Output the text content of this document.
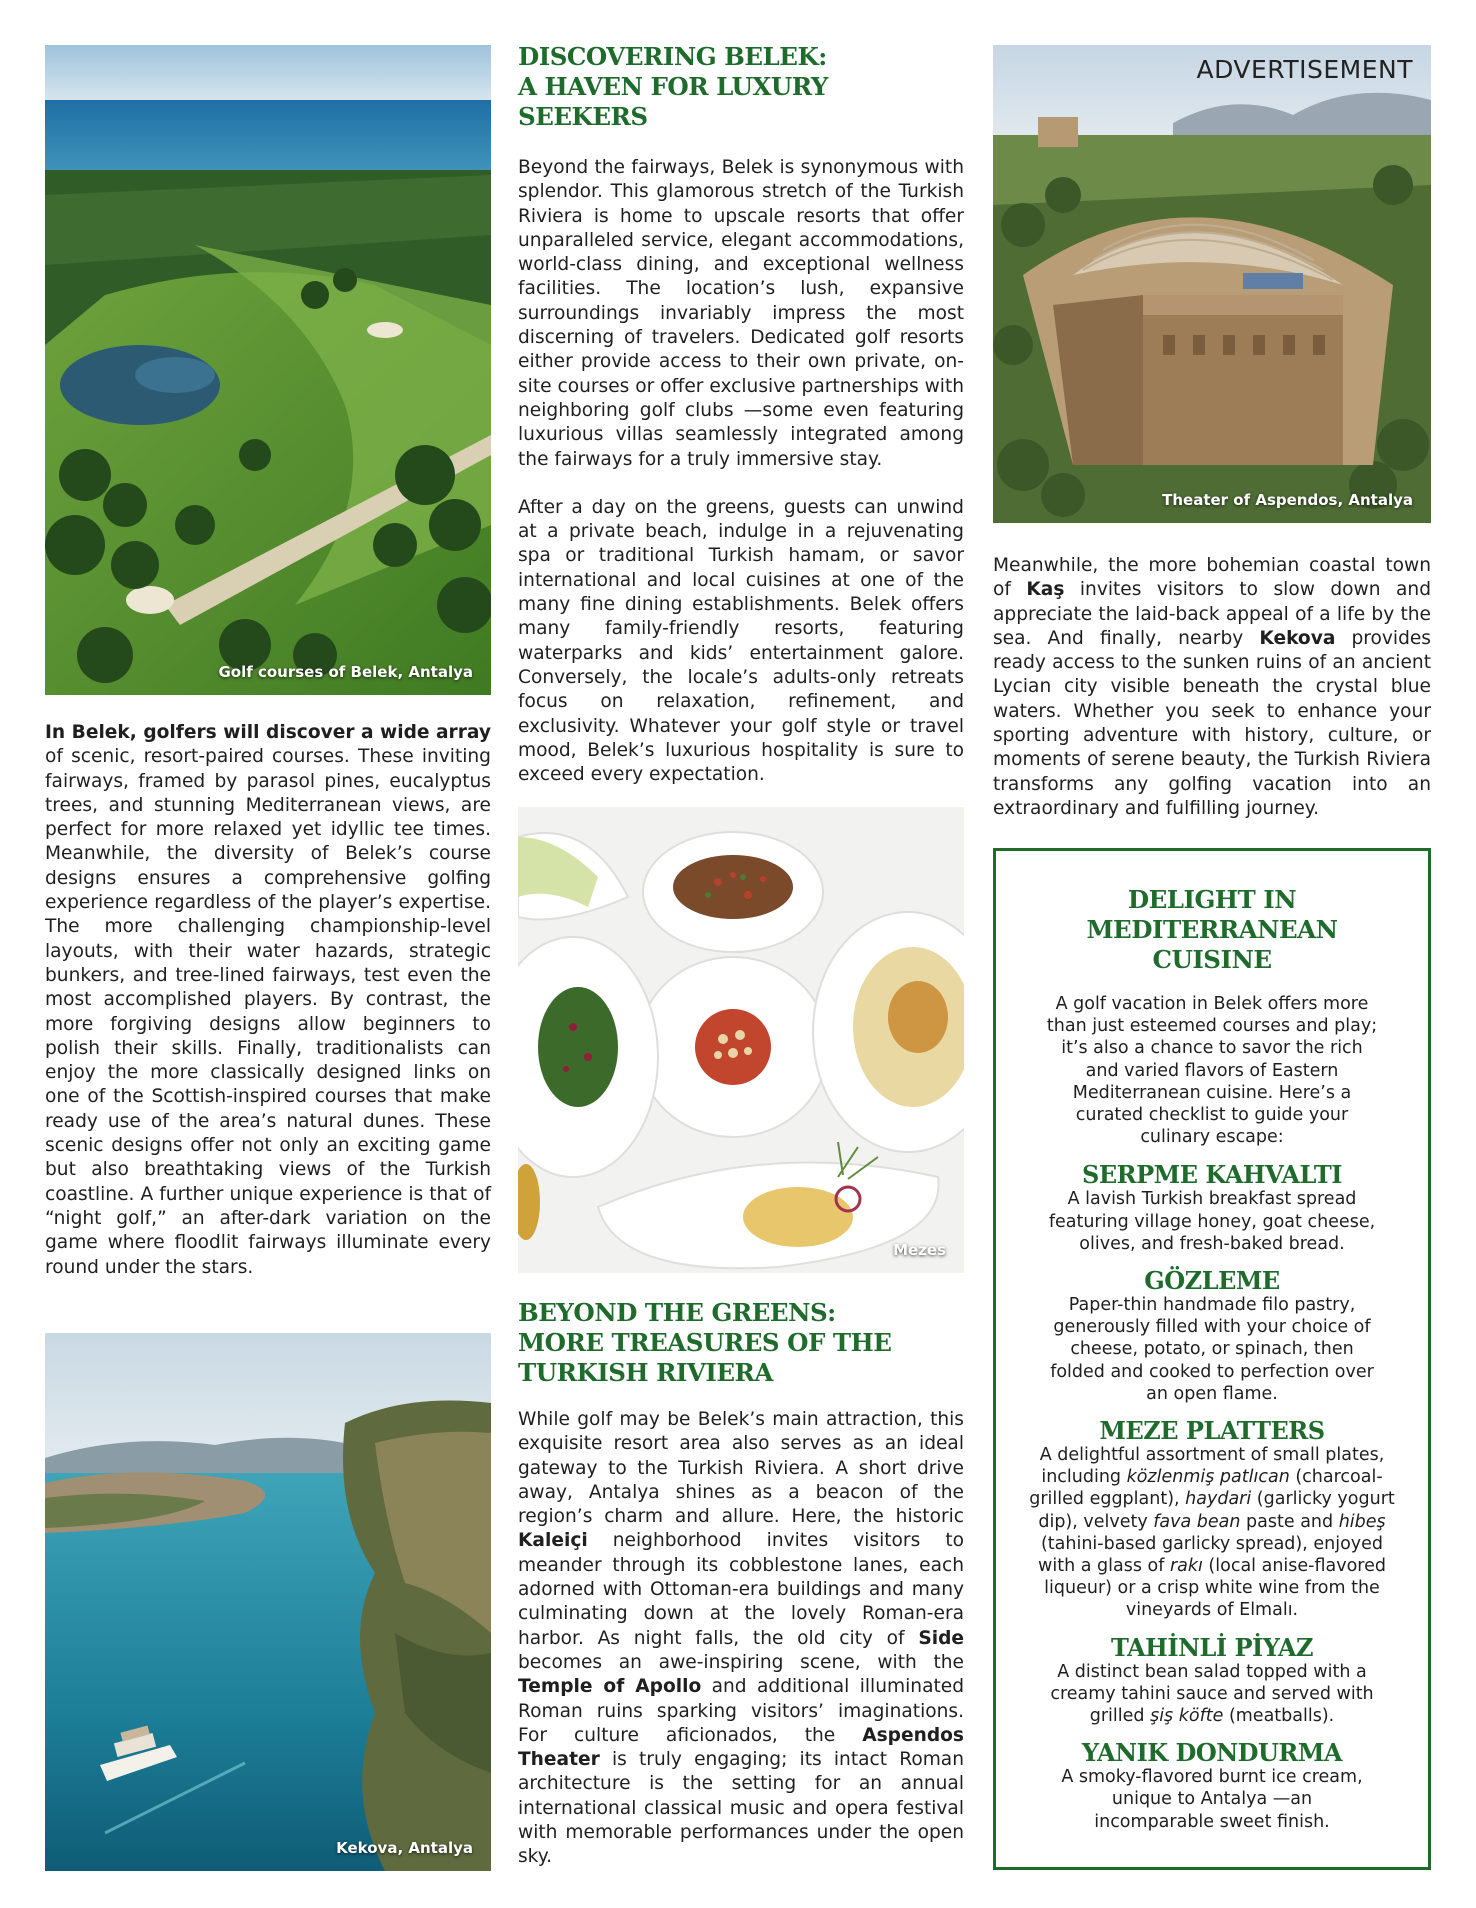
Golf courses of Belek, Antalya

In Belek, golfers will discover a wide array of scenic, resort-paired courses. These inviting fairways, framed by parasol pines, eucalyptus trees, and stunning Mediterranean views, are perfect for more relaxed yet idyllic tee times. Meanwhile, the diversity of Belek’s course designs ensures a comprehensive golfing experience regardless of the player’s expertise. The more challenging championship-level layouts, with their water hazards, strategic bunkers, and tree-lined fairways, test even the most accomplished players. By contrast, the more forgiving designs allow beginners to polish their skills. Finally, traditionalists can enjoy the more classically designed links on one of the Scottish-inspired courses that make ready use of the area’s natural dunes. These scenic designs offer not only an exciting game but also breathtaking views of the Turkish coastline. A further unique experience is that of “night golf,” an after-dark variation on the game where floodlit fairways illuminate every round under the stars.

Kekova, Antalya
DISCOVERING BELEK:
A HAVEN FOR LUXURY SEEKERS

Beyond the fairways, Belek is synonymous with splendor. This glamorous stretch of the Turkish Riviera is home to upscale resorts that offer unparalleled service, elegant accommodations, world-class dining, and exceptional wellness facilities. The location’s lush, expansive surroundings invariably impress the most discerning of travelers. Dedicated golf resorts either provide access to their own private, on-site courses or offer exclusive partnerships with neighboring golf clubs —some even featuring luxurious villas seamlessly integrated among the fairways for a truly immersive stay.

After a day on the greens, guests can unwind at a private beach, indulge in a rejuvenating spa or traditional Turkish hamam, or savor international and local cuisines at one of the many fine dining establishments. Belek offers many family-friendly resorts, featuring waterparks and kids’ entertainment galore. Conversely, the locale’s adults-only retreats focus on relaxation, refinement, and exclusivity. Whatever your golf style or travel mood, Belek’s luxurious hospitality is sure to exceed every expectation.

Mezes
BEYOND THE GREENS: MORE TREASURES OF THE TURKISH RIVIERA

While golf may be Belek’s main attraction, this exquisite resort area also serves as an ideal gateway to the Turkish Riviera. A short drive away, Antalya shines as a beacon of the region’s charm and allure. Here, the historic Kaleiçi neighborhood invites visitors to meander through its cobblestone lanes, each adorned with Ottoman-era buildings and many culminating down at the lovely Roman-era harbor. As night falls, the old city of Side becomes an awe-inspiring scene, with the Temple of Apollo and additional illuminated Roman ruins sparking visitors’ imaginations. For culture aficionados, the Aspendos Theater is truly engaging; its intact Roman architecture is the setting for an annual international classical music and opera festival with memorable performances under the open sky.

ADVERTISEMENT
Theater of Aspendos, Antalya

Meanwhile, the more bohemian coastal town of Kaş invites visitors to slow down and appreciate the laid-back appeal of a life by the sea. And finally, nearby Kekova provides ready access to the sunken ruins of an ancient Lycian city visible beneath the crystal blue waters. Whether you seek to enhance your sporting adventure with history, culture, or moments of serene beauty, the Turkish Riviera transforms any golfing vacation into an extraordinary and fulfilling journey.

DELIGHT IN
MEDITERRANEAN CUISINE

A golf vacation in Belek offers more than just esteemed courses and play; it’s also a chance to savor the rich and varied flavors of Eastern Mediterranean cuisine. Here’s a curated checklist to guide your culinary escape:

SERPME KAHVALTI

A lavish Turkish breakfast spread featuring village honey, goat cheese, olives, and fresh-baked bread.

GÖZLEME

Paper-thin handmade filo pastry, generously filled with your choice of cheese, potato, or spinach, then folded and cooked to perfection over an open flame.

MEZE PLATTERS

A delightful assortment of small plates, including közlenmiş patlıcan (charcoal-grilled eggplant), haydari (garlicky yogurt dip), velvety fava bean paste and hibeş (tahini-based garlicky spread), enjoyed with a glass of rakı (local anise-flavored liqueur) or a crisp white wine from the vineyards of Elmalı.

TAHİNLİ PİYAZ

A distinct bean salad topped with a creamy tahini sauce and served with grilled şiş köfte (meatballs).

YANIK DONDURMA

A smoky-flavored burnt ice cream, unique to Antalya —an incomparable sweet finish.
